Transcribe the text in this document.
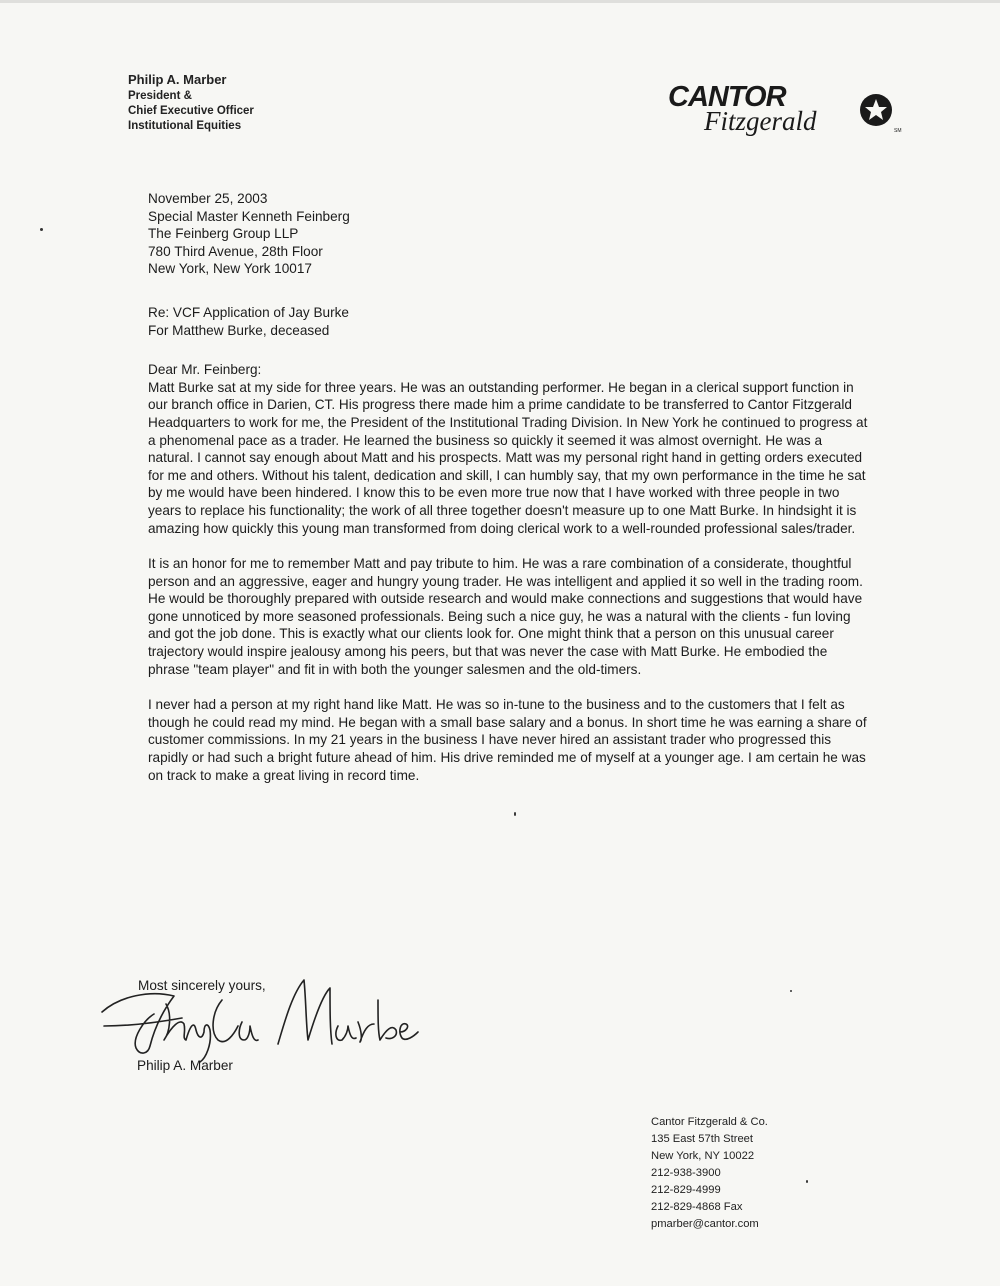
Philip A. Marber
President &
Chief Executive Officer
Institutional Equities
CANTOR
Fitzgerald	SM

November 25, 2003

Special Master Kenneth Feinberg
The Feinberg Group LLP
780 Third Avenue, 28th Floor
New York, New York 10017
Re: VCF Application of Jay Burke
For Matthew Burke, deceased

Dear Mr. Feinberg:

Matt Burke sat at my side for three years. He was an outstanding performer. He began in a clerical support function in our branch office in Darien, CT. His progress there made him a prime candidate to be transferred to Cantor Fitzgerald Headquarters to work for me, the President of the Institutional Trading Division. In New York he continued to progress at a phenomenal pace as a trader. He learned the business so quickly it seemed it was almost overnight. He was a natural. I cannot say enough about Matt and his prospects. Matt was my personal right hand in getting orders executed for me and others. Without his talent, dedication and skill, I can humbly say, that my own performance in the time he sat by me would have been hindered. I know this to be even more true now that I have worked with three people in two years to replace his functionality; the work of all three together doesn't measure up to one Matt Burke. In hindsight it is amazing how quickly this young man transformed from doing clerical work to a well-rounded professional sales/trader.

It is an honor for me to remember Matt and pay tribute to him. He was a rare combination of a considerate, thoughtful person and an aggressive, eager and hungry young trader. He was intelligent and applied it so well in the trading room. He would be thoroughly prepared with outside research and would make connections and suggestions that would have gone unnoticed by more seasoned professionals. Being such a nice guy, he was a natural with the clients - fun loving and got the job done. This is exactly what our clients look for. One might think that a person on this unusual career trajectory would inspire jealousy among his peers, but that was never the case with Matt Burke. He embodied the phrase "team player" and fit in with both the younger salesmen and the old-timers.

I never had a person at my right hand like Matt. He was so in-tune to the business and to the customers that I felt as though he could read my mind. He began with a small base salary and a bonus. In short time he was earning a share of customer commissions. In my 21 years in the business I have never hired an assistant trader who progressed this rapidly or had such a bright future ahead of him. His drive reminded me of myself at a younger age. I am certain he was on track to make a great living in record time.

Most sincerely yours,
Philip A. Marber
Cantor Fitzgerald & Co.
135 East 57th Street
New York, NY 10022
212-938-3900
212-829-4999
212-829-4868 Fax
pmarber@cantor.com
